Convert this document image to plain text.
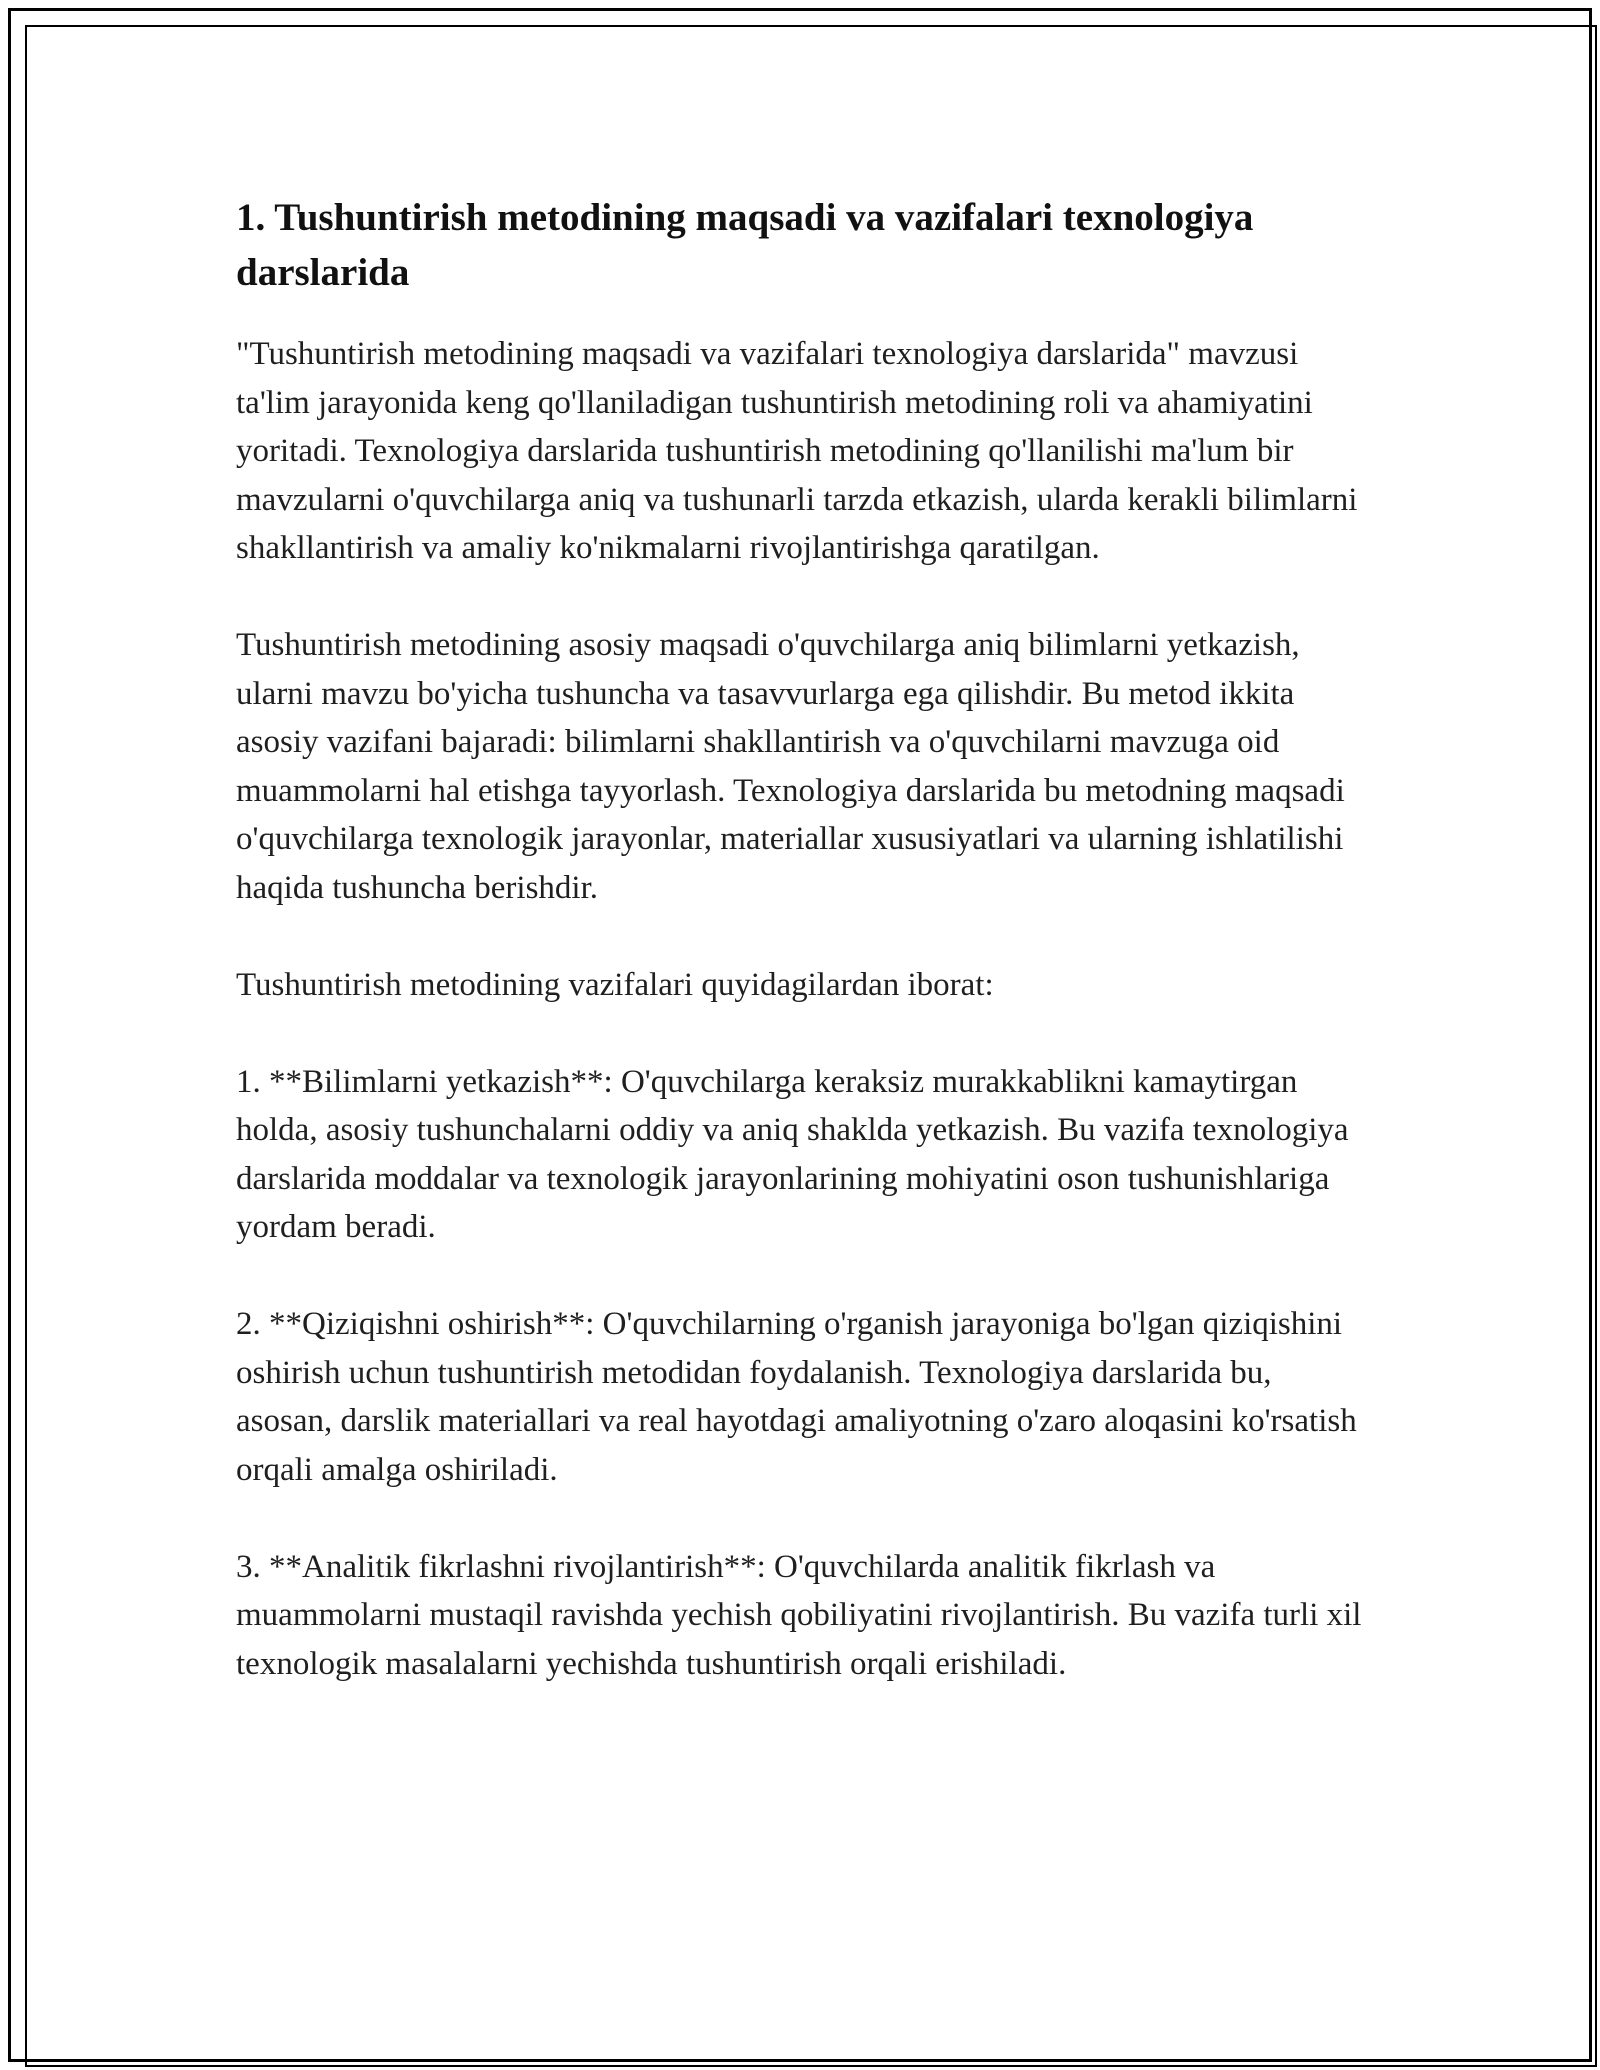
1. Tushuntirish metodining maqsadi va vazifalari texnologiya darslarida

"Tushuntirish metodining maqsadi va vazifalari texnologiya darslarida" mavzusi ta'lim jarayonida keng qo'llaniladigan tushuntirish metodining roli va ahamiyatini yoritadi. Texnologiya darslarida tushuntirish metodining qo'llanilishi ma'lum bir mavzularni o'quvchilarga aniq va tushunarli tarzda etkazish, ularda kerakli bilimlarni shakllantirish va amaliy ko'nikmalarni rivojlantirishga qaratilgan.

Tushuntirish metodining asosiy maqsadi o'quvchilarga aniq bilimlarni yetkazish, ularni mavzu bo'yicha tushuncha va tasavvurlarga ega qilishdir. Bu metod ikkita asosiy vazifani bajaradi: bilimlarni shakllantirish va o'quvchilarni mavzuga oid muammolarni hal etishga tayyorlash. Texnologiya darslarida bu metodning maqsadi o'quvchilarga texnologik jarayonlar, materiallar xususiyatlari va ularning ishlatilishi haqida tushuncha berishdir.

Tushuntirish metodining vazifalari quyidagilardan iborat:

1. **Bilimlarni yetkazish**: O'quvchilarga keraksiz murakkablikni kamaytirgan holda, asosiy tushunchalarni oddiy va aniq shaklda yetkazish. Bu vazifa texnologiya darslarida moddalar va texnologik jarayonlarining mohiyatini oson tushunishlariga yordam beradi.

2. **Qiziqishni oshirish**: O'quvchilarning o'rganish jarayoniga bo'lgan qiziqishini oshirish uchun tushuntirish metodidan foydalanish. Texnologiya darslarida bu, asosan, darslik materiallari va real hayotdagi amaliyotning o'zaro aloqasini ko'rsatish orqali amalga oshiriladi.

3. **Analitik fikrlashni rivojlantirish**: O'quvchilarda analitik fikrlash va muammolarni mustaqil ravishda yechish qobiliyatini rivojlantirish. Bu vazifa turli xil texnologik masalalarni yechishda tushuntirish orqali erishiladi.
